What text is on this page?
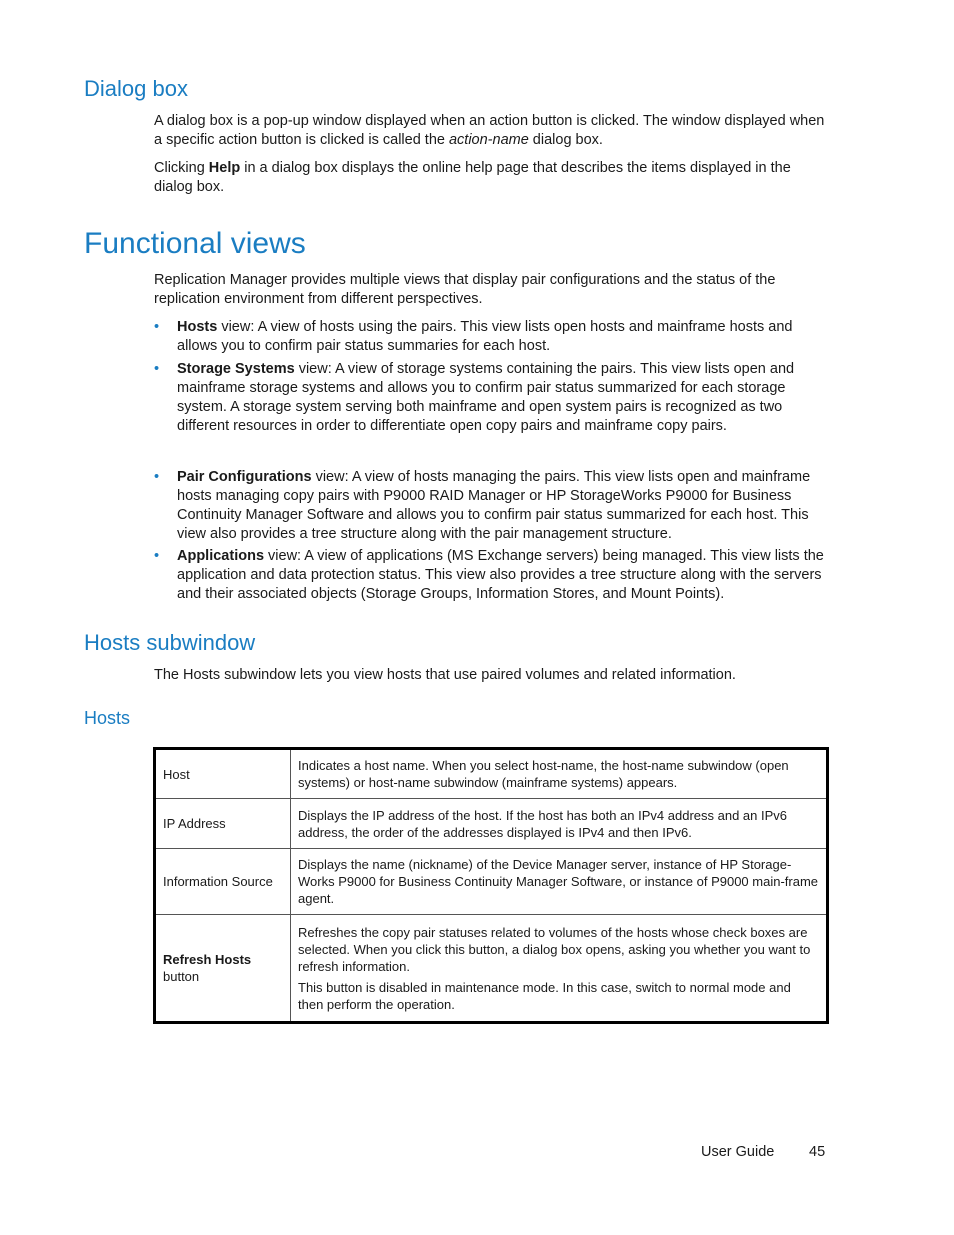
Dialog box

A dialog box is a pop-up window displayed when an action button is clicked. The window displayed when a specific action button is clicked is called the action-name dialog box.

Clicking Help in a dialog box displays the online help page that describes the items displayed in the dialog box.

Functional views

Replication Manager provides multiple views that display pair configurations and the status of the replication environment from different perspectives.

• Hosts view: A view of hosts using the pairs. This view lists open hosts and mainframe hosts and allows you to confirm pair status summaries for each host.
• Storage Systems view: A view of storage systems containing the pairs. This view lists open and mainframe storage systems and allows you to confirm pair status summarized for each storage system. A storage system serving both mainframe and open system pairs is recognized as two different resources in order to differentiate open copy pairs and mainframe copy pairs.
• Pair Configurations view: A view of hosts managing the pairs. This view lists open and mainframe hosts managing copy pairs with P9000 RAID Manager or HP StorageWorks P9000 for Business Continuity Manager Software and allows you to confirm pair status summarized for each host. This view also provides a tree structure along with the pair management structure.
• Applications view: A view of applications (MS Exchange servers) being managed. This view lists the application and data protection status. This view also provides a tree structure along with the servers and their associated objects (Storage Groups, Information Stores, and Mount Points).
Hosts subwindow

The Hosts subwindow lets you view hosts that use paired volumes and related information.

Hosts
Host	Indicates a host name. When you select host-name, the host-name subwindow (open systems) or host-name subwindow (mainframe systems) appears.
IP Address	Displays the IP address of the host. If the host has both an IPv4 address and an IPv6 address, the order of the addresses displayed is IPv4 and then IPv6.
Information Source	Displays the name (nickname) of the Device Manager server, instance of HP Storage-Works P9000 for Business Continuity Manager Software, or instance of P9000 main-frame agent.
Refresh Hosts button	Refreshes the copy pair statuses related to volumes of the hosts whose check boxes are selected. When you click this button, a dialog box opens, asking you whether you want to refresh information.
This button is disabled in maintenance mode. In this case, switch to normal mode and then perform the operation.

User Guide 45
